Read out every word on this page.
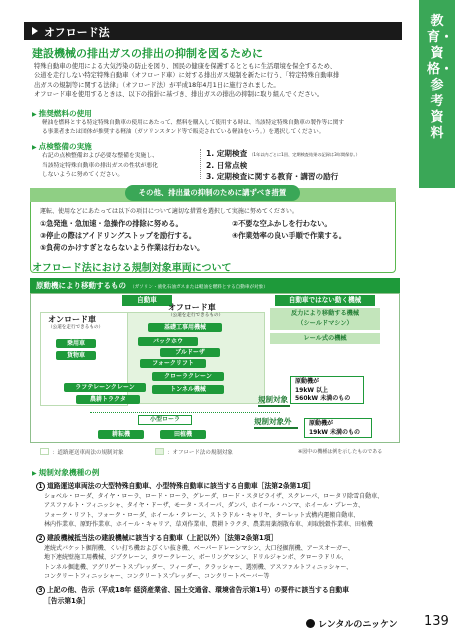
オフロード法
教育・資格・参考資料
建設機械の排出ガスの排出の抑制を図るために
特殊自動車の使用による大気汚染の防止を図り、国民の健康を保護するとともに生活環境を保全するため、
公道を走行しない特定特殊自動車（オフロード車）に対する排出ガス規制を新たに行う、「特定特殊自動車排
出ガスの規制等に関する法律」（オフロード法）が平成18年4月1日に施行されました。
オフロード車を使用するときは、以下の指針に基づき、排出ガスの排出の抑制に取り組んでください。
▶ 推奨燃料の使用
軽油を燃料とする特定特殊自動車の使用にあたって、燃料を購入して使用する時は、当該特定特殊自動車の製作等に関す
る事業者または団体が推奨する軽油（ガソリンスタンド等で販売されている軽油をいう。）を選択してください。
▶ 点検整備の実施
右記の点検整備および必要な整備を実施し、
当該特定特殊自動車の排出ガスの性状が悪化
しないように努めてください。
1. 定期検査 （1年以内ごとに1回、定期検査結果の記録は3年間保存。）
2. 日常点検
3. 定期検査に関する教育・講習の励行
その他、排出量の抑制のために講ずべき措置
運転、使用などにあたっては以下の項目について適切な措置を選択して実施に努めてください。
①急発進・急加速・急操作の排除に努める。
③停止の際はアイドリングストップを励行する。
⑤負荷のかけすぎとならないよう作業は行わない。
②不要な空ふかしを行わない。
④作業効率の良い手順で作業する。
オフロード法における規制対象車両について
原動機により移動するもの （ガソリン・液化石油ガスまたは軽油を燃料とする自動車が対象）
自動車	自動車ではない動く機械
オンロード車
（公道を走行できるもの）
オフロード車
（公道を走行できるもの）
基礎工事用機械
乗用車
貨物車
バックホウ
ブルドーザ
フォークリフト
クローラクレーン
ラフテレーンクレーン	トンネル機械
農耕トラクタ
小型ローラ
耕耘機	田植機
反力により移動する機械
（シールドマシン）
レール式の機械
規制対象
原動機が
19kW 以上
560kW 未満のもの
規制対象外	原動機が
19kW 未満のもの
：道路運送車両法の規制対象	：オフロード法の規制対象	※図中の機種は例を示したものである
▶ 規制対象機種の例
1 道路運送車両法の大型特殊自動車、小型特殊自動車に該当する自動車［法第2条第1項］
ショベル・ローダ、タイヤ・ローラ、ロード・ローラ、グレーダ、ロード・スタビライザ、スクレーパ、ロータリ除雪自動車、
アスファルト・フィニッシャ、タイヤ・ドーザ、モータ・スイーパ、ダンパ、ホイール・ハンマ、ホイール・ブレーカ、
フォーク・リフト、フォーク・ローダ、ホイール・クレーン、ストラドル・キャリヤ、ターレット式構内運搬自動車、
林内作業車、原野作業車、ホイール・キャリア、草刈作業車、農耕トラクタ、農業用薬剤散布車、刈取脱穀作業車、田植機
2 建設機械抵当法の建設機械に該当する自動車（上記以外）［法第2条第1項］
連続式バケット掘削機、くい打ち機およびくい抜き機、ベーパードレーンマシン、大口径掘削機、アースオーガー、
地下連続壁施工用機械、ジブクレーン、タワークレーン、ボーリングマシン、ドリルジャンボ、クローラドリル、
トンネル掘進機、アグリゲートスプレッダー、フィーダー、クラッシャー、選別機、アスファルトフィニッシャー、
コンクリートフィニッシャー、コンクリートスプレッダー、コンクリートペーバー等
3 上記の他、告示（平成18年 経済産業省、国土交通省、環境省告示第1号）の要件に該当する自動車
［告示第1条］
レンタルのニッケン 139
